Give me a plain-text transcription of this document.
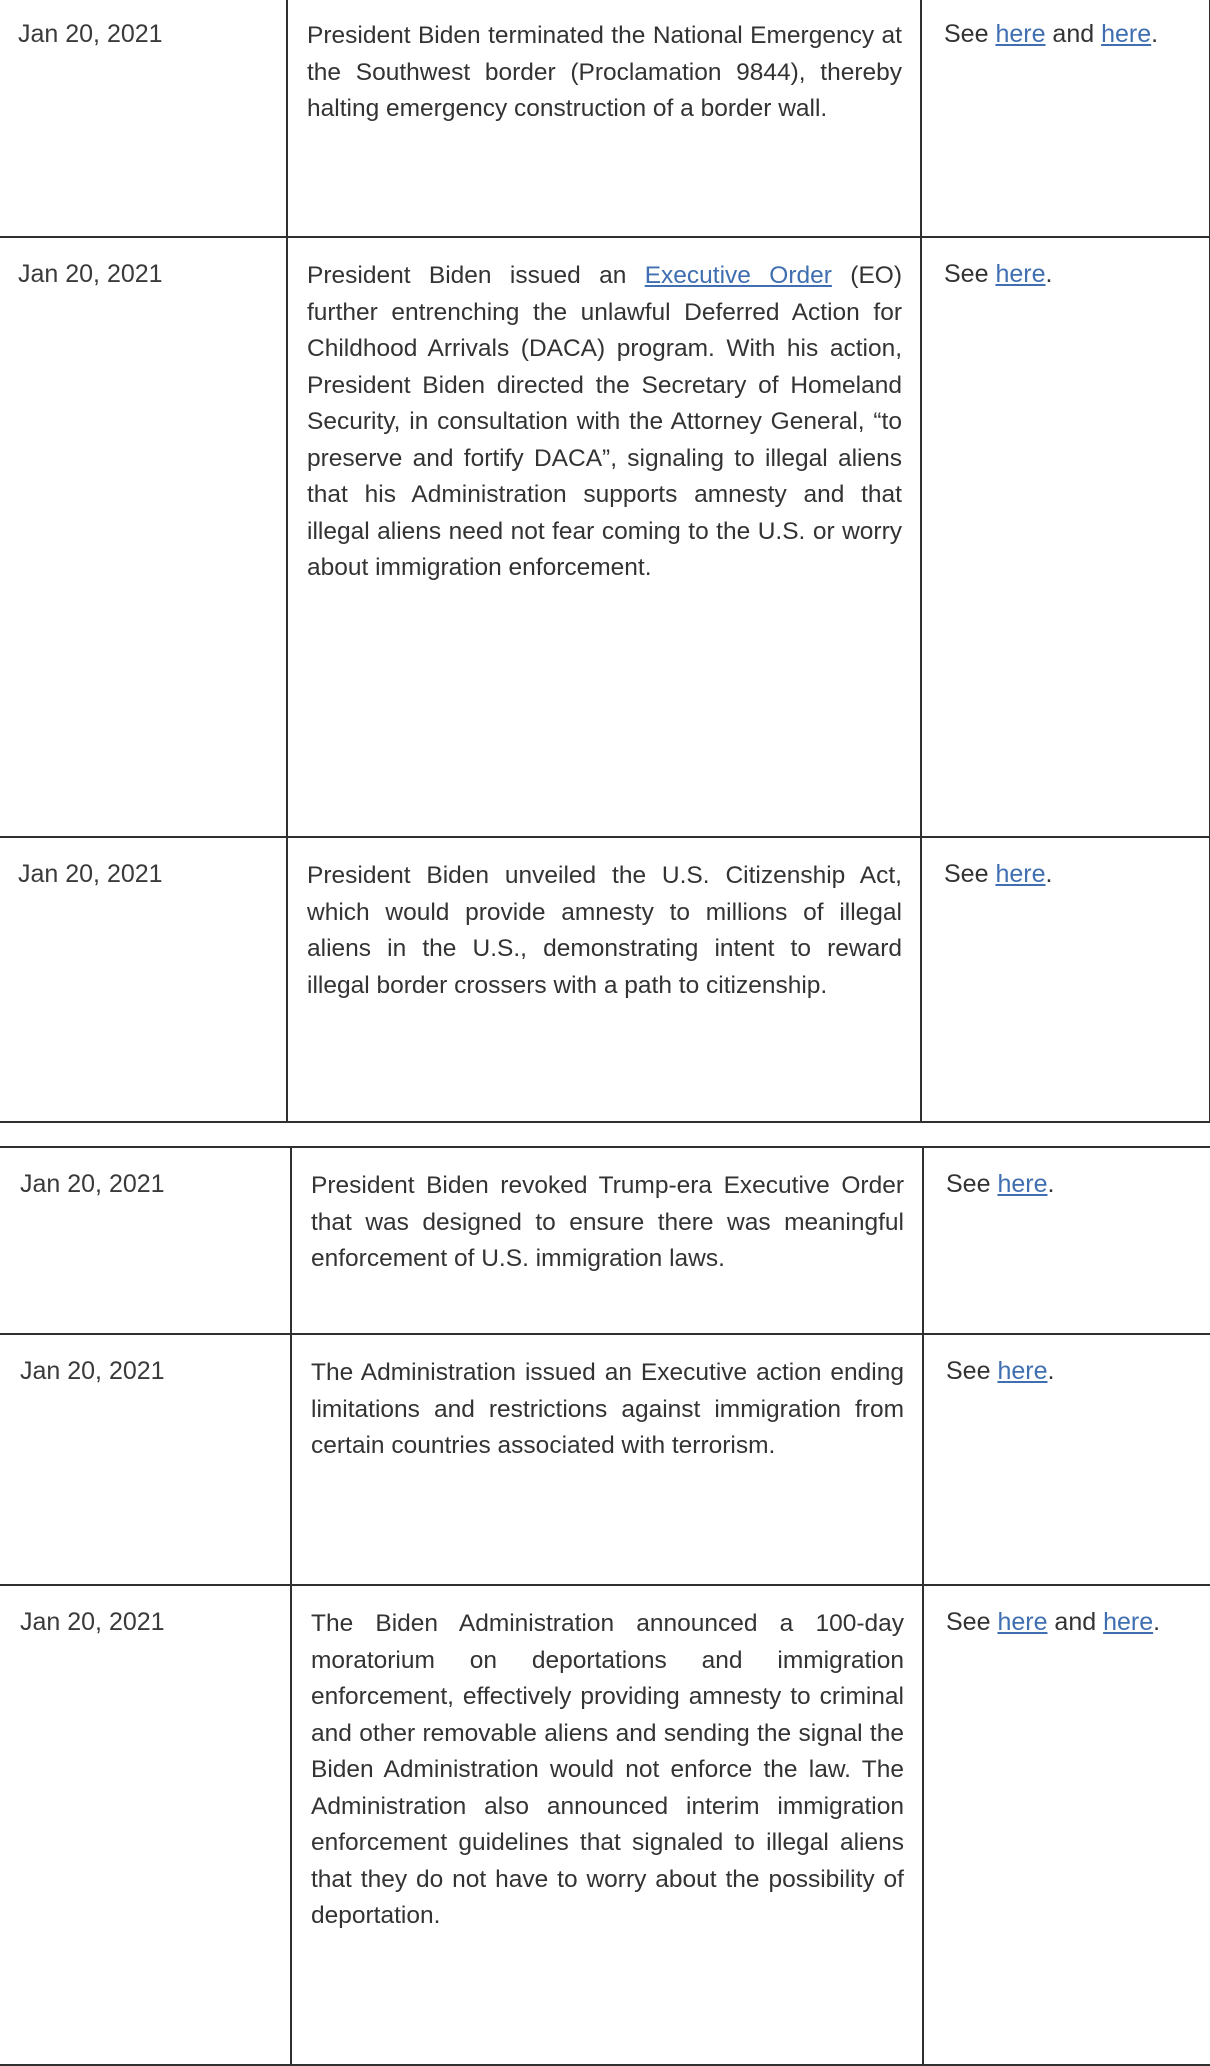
Jan 20, 2021	President Biden terminated the National Emergency at the Southwest border (Proclamation 9844), thereby halting emergency construction of a border wall.	See here and here.
Jan 20, 2021	President Biden issued an Executive Order (EO) further entrenching the unlawful Deferred Action for Childhood Arrivals (DACA) program. With his action, President Biden directed the Secretary of Homeland Security, in consultation with the Attorney General, “to preserve and fortify DACA”, signaling to illegal aliens that his Administration supports amnesty and that illegal aliens need not fear coming to the U.S. or worry about immigration enforcement.	See here.
Jan 20, 2021	President Biden unveiled the U.S. Citizenship Act, which would provide amnesty to millions of illegal aliens in the U.S., demonstrating intent to reward illegal border crossers with a path to citizenship.	See here.
Jan 20, 2021	President Biden revoked Trump-era Executive Order that was designed to ensure there was meaningful enforcement of U.S. immigration laws.	See here.
Jan 20, 2021	The Administration issued an Executive action ending limitations and restrictions against immigration from certain countries associated with terrorism.	See here.
Jan 20, 2021	The Biden Administration announced a 100-day moratorium on deportations and immigration enforcement, effectively providing amnesty to criminal and other removable aliens and sending the signal the Biden Administration would not enforce the law. The Administration also announced interim immigration enforcement guidelines that signaled to illegal aliens that they do not have to worry about the possibility of deportation.	See here and here.
